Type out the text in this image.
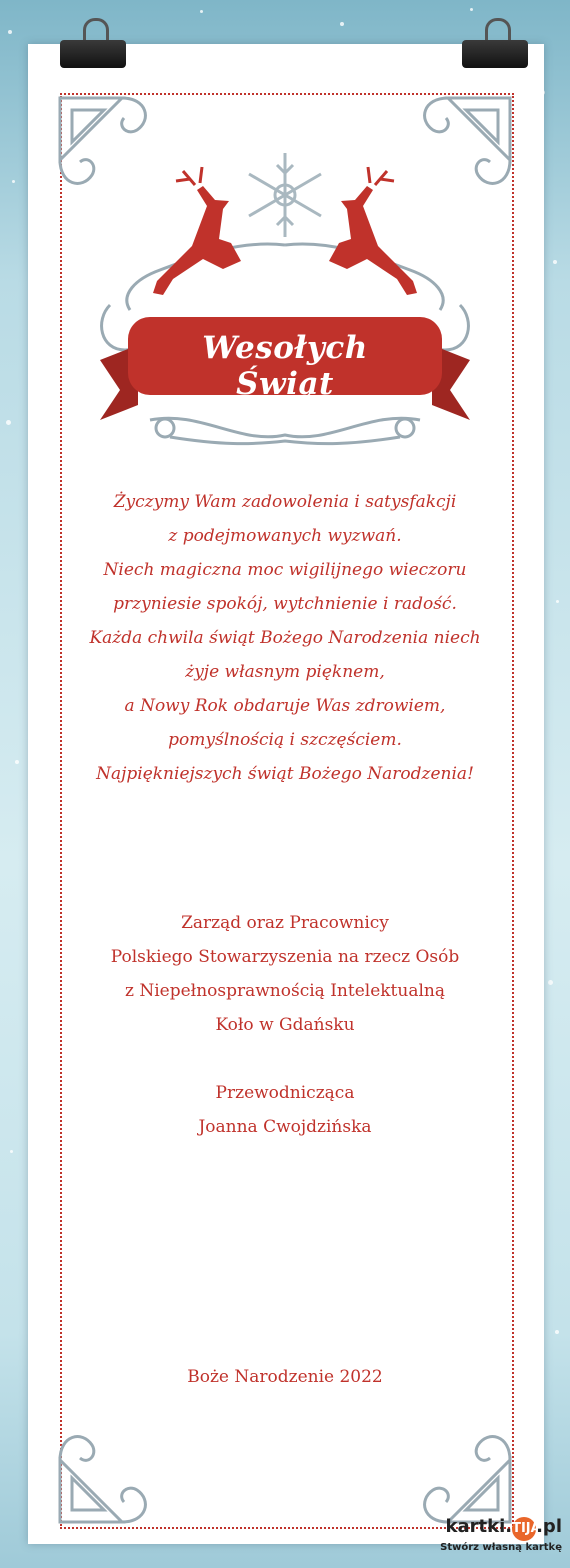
Wesołych Świąt
Życzymy Wam zadowolenia i satysfakcji
z podejmowanych wyzwań.
Niech magiczna moc wigilijnego wieczoru
przyniesie spokój, wytchnienie i radość.
Każda chwila świąt Bożego Narodzenia niech
żyje własnym pięknem,
a Nowy Rok obdaruje Was zdrowiem,
pomyślnością i szczęściem.
Najpiękniejszych świąt Bożego Narodzenia!
Zarząd oraz Pracownicy
Polskiego Stowarzyszenia na rzecz Osób
z Niepełnosprawnością Intelektualną
Koło w Gdańsku
Przewodnicząca
Joanna Cwojdzińska
Boże Narodzenie 2022
kartki.TIJA.pl
Stwórz własną kartkę
